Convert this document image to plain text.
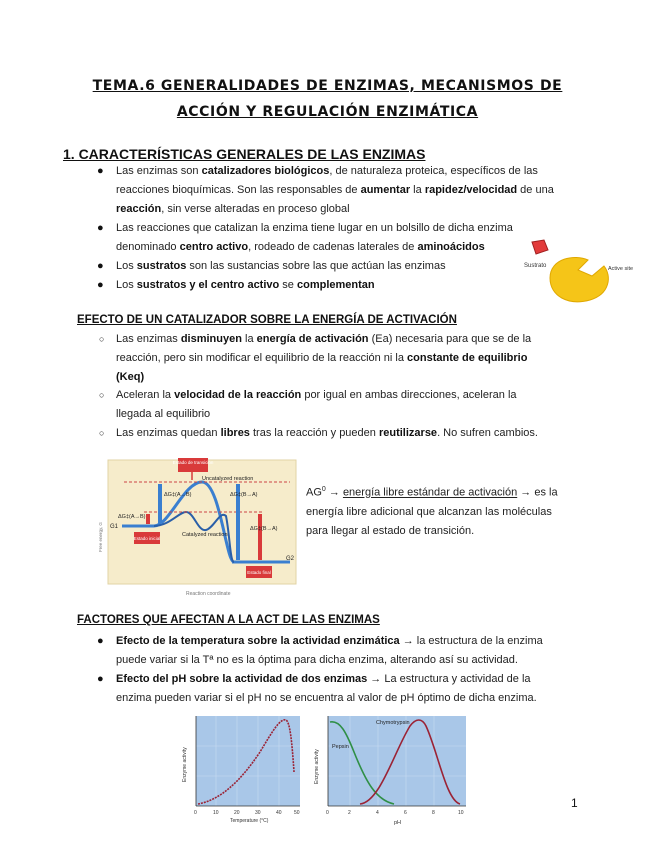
TEMA.6 GENERALIDADES DE ENZIMAS, MECANISMOS DE
ACCIÓN Y REGULACIÓN ENZIMÁTICA
1. CARACTERÍSTICAS GENERALES DE LAS ENZIMAS
● Las enzimas son catalizadores biológicos, de naturaleza proteica, específicos de las
reacciones bioquímicas. Son las responsables de aumentar la rapidez/velocidad de una
reacción, sin verse alteradas en proceso global
● Las reacciones que catalizan la enzima tiene lugar en un bolsillo de dicha enzima
denominado centro activo, rodeado de cadenas laterales de aminoácidos
● Los sustratos son las sustancias sobre las que actúan las enzimas
● Los sustratos y el centro activo se complementan
Sustrato	Active site
EFECTO DE UN CATALIZADOR SOBRE LA ENERGÍA DE ACTIVACIÓN
○ Las enzimas disminuyen la energía de activación (Ea) necesaria para que se de la
reacción, pero sin modificar el equilibrio de la reacción ni la constante de equilibrio
(Keq)
○ Aceleran la velocidad de la reacción por igual en ambas direcciones, aceleran la
llegada al equilibrio
○ Las enzimas quedan libres tras la reacción y pueden reutilizarse. No sufren cambios.
Estado de transición
Uncatalyzed reaction
ΔG‡(A→B)	ΔG‡(B→A)
ΔG‡(A→B)
ΔG‡(B→A)
Catalyzed reaction
G1
G2
Estado inicial
Estado final
Free energy, G
Reaction coordinate
$AG^0$ → energía libre estándar de activación → es la
energía libre adicional que alcanzan las moléculas
para llegar al estado de transición.
FACTORES QUE AFECTAN A LA ACT DE LAS ENZIMAS
● Efecto de la temperatura sobre la actividad enzimática → la estructura de la enzima
puede variar si la Tª no es la óptima para dicha enzima, alterando así su actividad.
● Efecto del pH sobre la actividad de dos enzimas → La estructura y actividad de la
enzima pueden variar si el pH no se encuentra al valor de pH óptimo de dicha enzima.
Enzyme activity
0	10	20	30	40 50
Temperature (°C)
Pepsin
Chymotrypsin
Enzyme activity
0	2	4	6	8	10
pH
1
